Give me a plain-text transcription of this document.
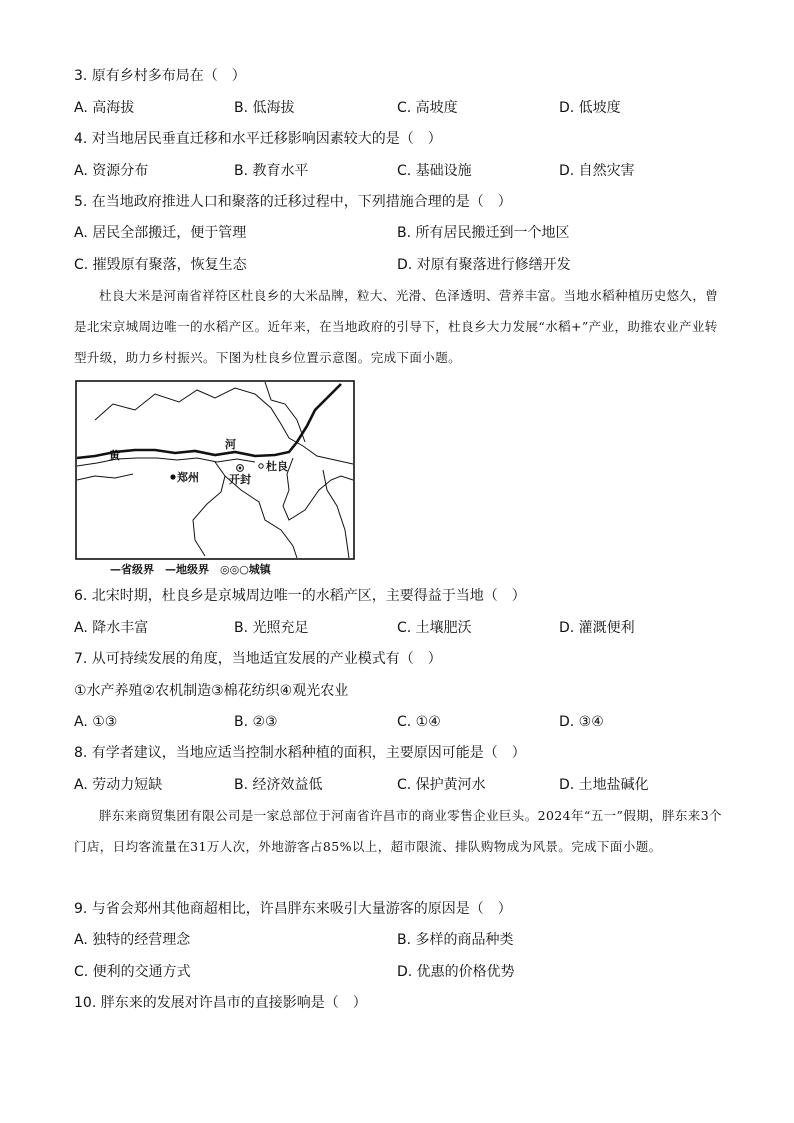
3. 原有乡村多布局在（　）
A. 高海拔	B. 低海拔	C. 高坡度	D. 低坡度
4. 对当地居民垂直迁移和水平迁移影响因素较大的是（　）
A. 资源分布	B. 教育水平	C. 基础设施	D. 自然灾害
5. 在当地政府推进人口和聚落的迁移过程中，下列措施合理的是（　）
A. 居民全部搬迁，便于管理	B. 所有居民搬迁到一个地区
C. 摧毁原有聚落，恢复生态	D. 对原有聚落进行修缮开发
杜良大米是河南省祥符区杜良乡的大米品牌，粒大、光滑、色泽透明、营养丰富。当地水稻种植历史悠久，曾是北宋京城周边唯一的水稻产区。近年来，在当地政府的引导下，杜良乡大力发展“水稻+”产业，助推农业产业转型升级，助力乡村振兴。下图为杜良乡位置示意图。完成下面小题。
黄
河
郑州	开封
杜良
—省级界　—地级界　◎◎○城镇
6. 北宋时期，杜良乡是京城周边唯一的水稻产区，主要得益于当地（　）
A. 降水丰富	B. 光照充足	C. 土壤肥沃	D. 灌溉便利
7. 从可持续发展的角度，当地适宜发展的产业模式有（　）
①水产养殖②农机制造③棉花纺织④观光农业
A. ①③	B. ②③	C. ①④	D. ③④
8. 有学者建议，当地应适当控制水稻种植的面积，主要原因可能是（　）
A. 劳动力短缺	B. 经济效益低	C. 保护黄河水	D. 土地盐碱化
胖东来商贸集团有限公司是一家总部位于河南省许昌市的商业零售企业巨头。2024年“五一”假期，胖东来3个门店，日均客流量在31万人次，外地游客占85%以上，超市限流、排队购物成为风景。完成下面小题。
9. 与省会郑州其他商超相比，许昌胖东来吸引大量游客的原因是（　）
A. 独特的经营理念	B. 多样的商品种类
C. 便利的交通方式	D. 优惠的价格优势
10. 胖东来的发展对许昌市的直接影响是（　）
